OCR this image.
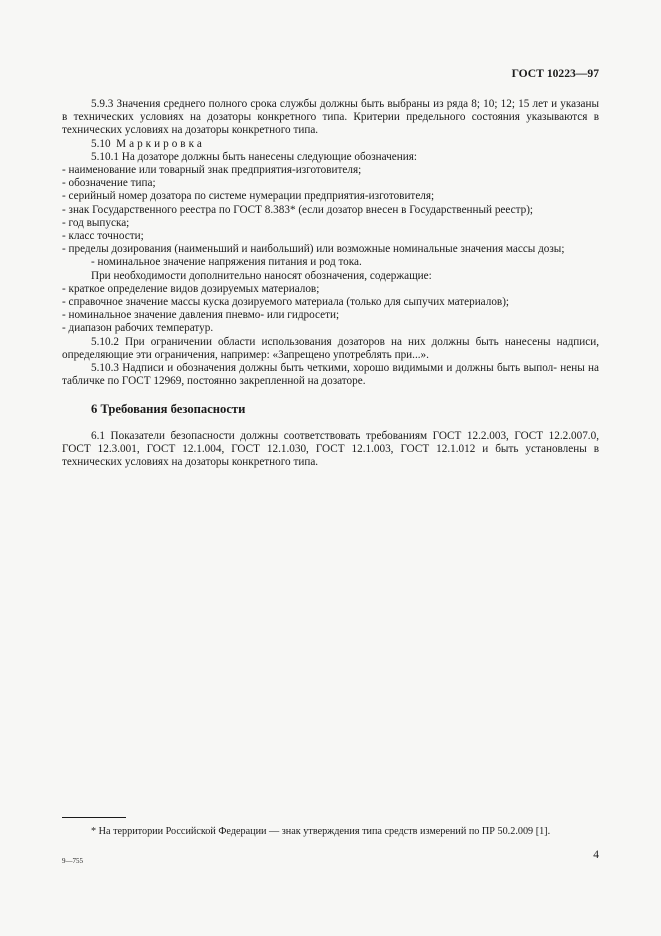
ГОСТ 10223—97

5.9.3 Значения среднего полного срока службы должны быть выбраны из ряда 8; 10; 12; 15 лет и указаны в технических условиях на дозаторы конкретного типа. Критерии предельного состояния указываются в технических условиях на дозаторы конкретного типа.

5.10 Маркировка

5.10.1 На дозаторе должны быть нанесены следующие обозначения:

- наименование или товарный знак предприятия-изготовителя;

- обозначение типа;

- серийный номер дозатора по системе нумерации предприятия-изготовителя;

- знак Государственного реестра по ГОСТ 8.383* (если дозатор внесен в Государственный реестр);

- год выпуска;

- класс точности;

- пределы дозирования (наименьший и наибольший) или возможные номинальные значения массы дозы;

- номинальное значение напряжения питания и род тока.

При необходимости дополнительно наносят обозначения, содержащие:

- краткое определение видов дозируемых материалов;

- справочное значение массы куска дозируемого материала (только для сыпучих материалов);

- номинальное значение давления пневмо- или гидросети;

- диапазон рабочих температур.

5.10.2 При ограничении области использования дозаторов на них должны быть нанесены надписи, определяющие эти ограничения, например: «Запрещено употреблять при...».

5.10.3 Надписи и обозначения должны быть четкими, хорошо видимыми и должны быть выпол- нены на табличке по ГОСТ 12969, постоянно закрепленной на дозаторе.

6 Требования безопасности

6.1 Показатели безопасности должны соответствовать требованиям ГОСТ 12.2.003, ГОСТ 12.2.007.0, ГОСТ 12.3.001, ГОСТ 12.1.004, ГОСТ 12.1.030, ГОСТ 12.1.003, ГОСТ 12.1.012 и быть установлены в технических условиях на дозаторы конкретного типа.

* На территории Российской Федерации — знак утверждения типа средств измерений по ПР 50.2.009 [1].
9—755	4
